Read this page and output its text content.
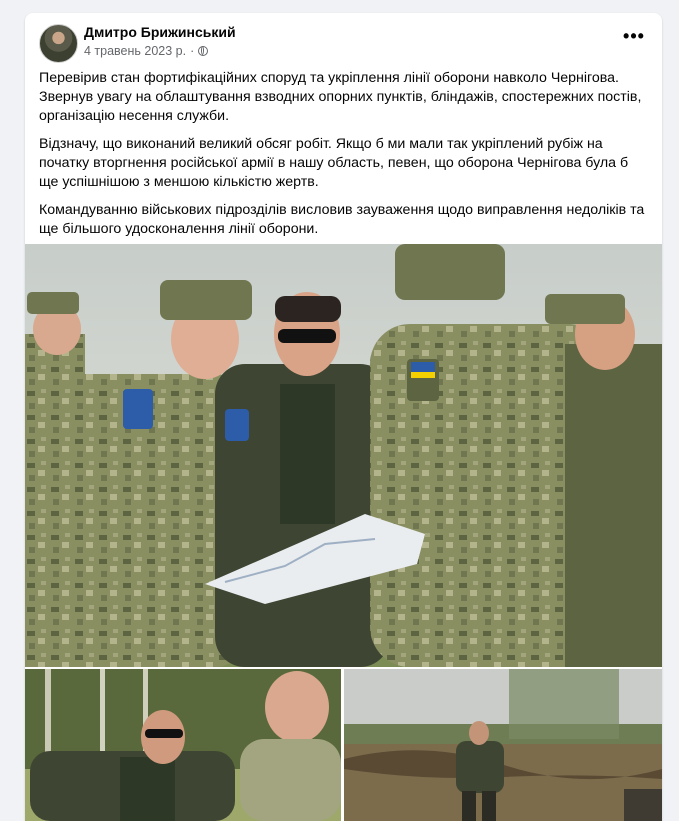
Дмитро Брижинський
4 травень 2023 р. ·
•••

Перевірив стан фортифікаційних споруд та укріплення лінії оборони навколо Чернігова. Звернув увагу на облаштування взводних опорних пунктів, бліндажів, спостережних постів, організацію несення служби.

Відзначу, що виконаний великий обсяг робіт. Якщо б ми мали так укріплений рубіж на початку вторгнення російської армії в нашу область, певен, що оборона Чернігова була б ще успішнішою з меншою кількістю жертв.

Командуванню військових підрозділів висловив зауваження щодо виправлення недоліків та ще більшого удосконалення лінії оборони.
